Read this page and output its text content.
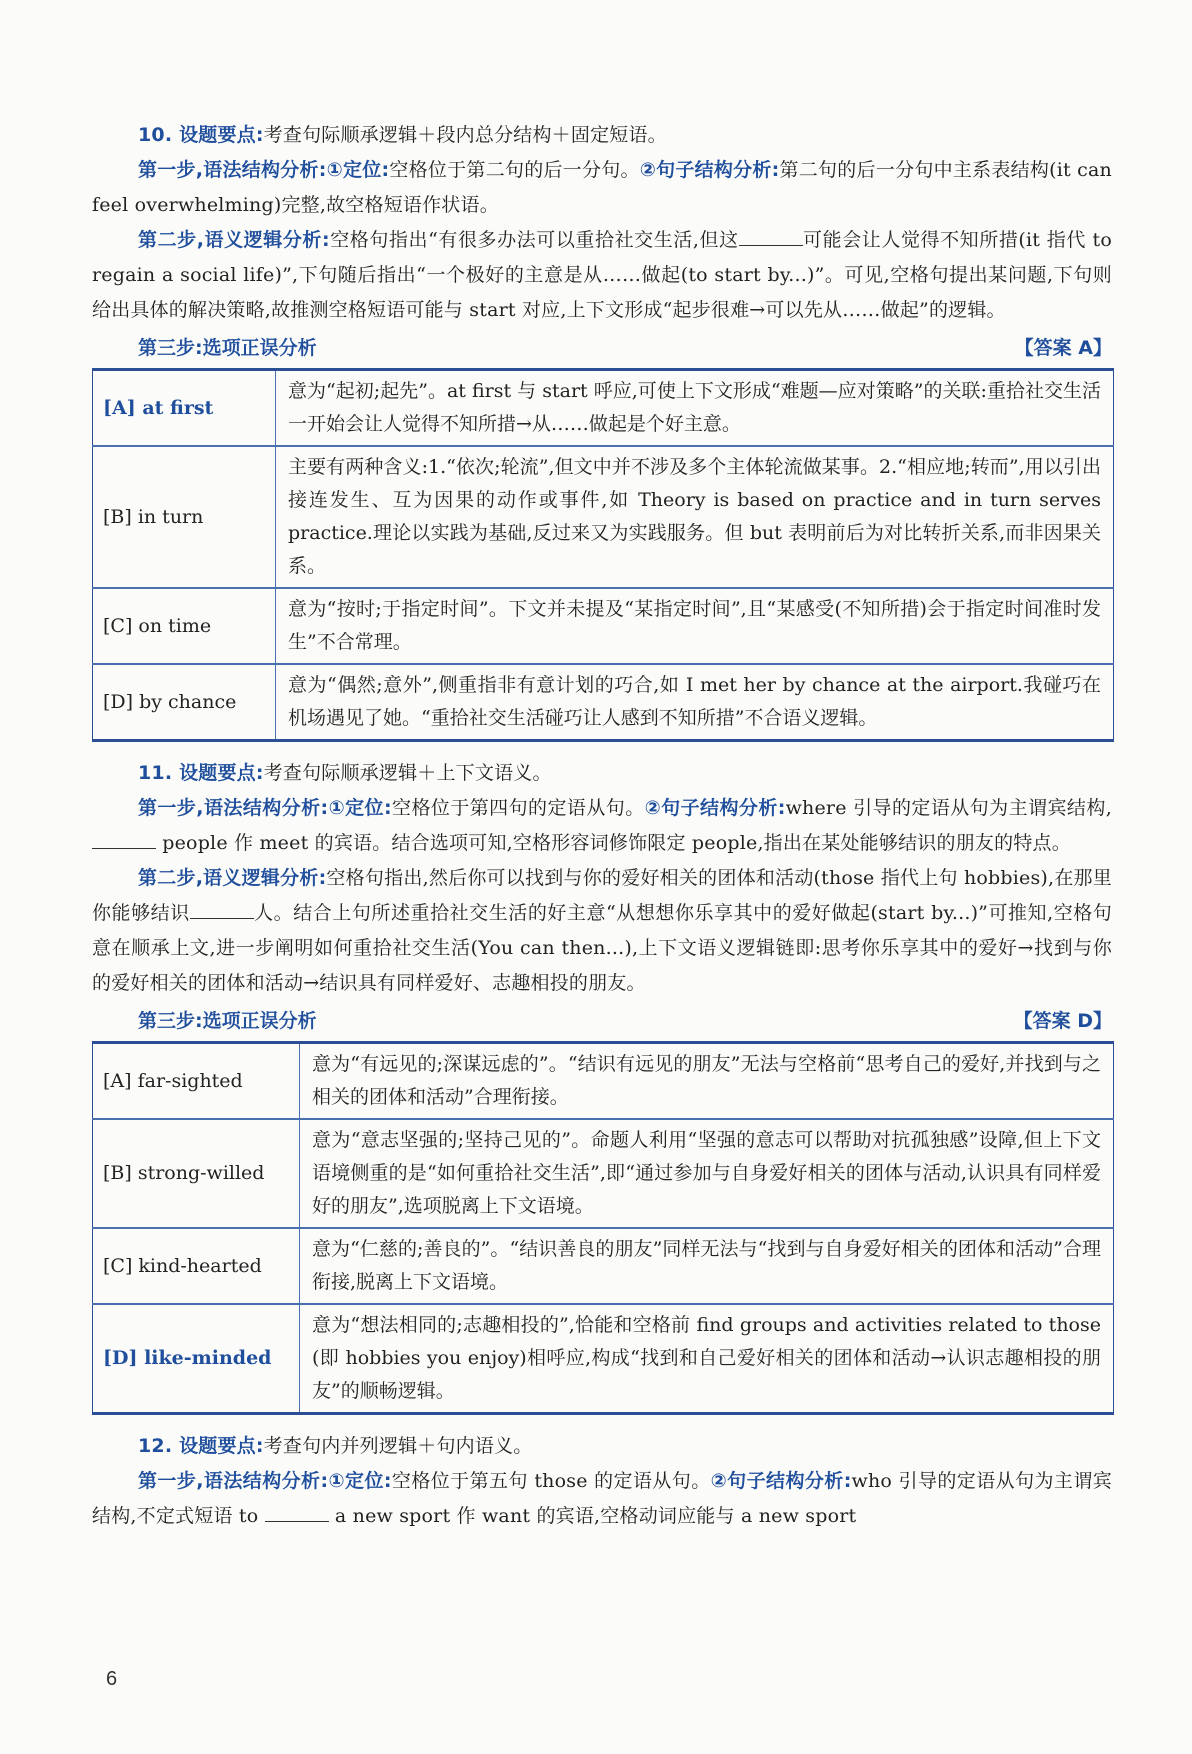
10. 设题要点:考查句际顺承逻辑＋段内总分结构＋固定短语。

第一步,语法结构分析:①定位:空格位于第二句的后一分句。②句子结构分析:第二句的后一分句中主系表结构(it can feel overwhelming)完整,故空格短语作状语。

第二步,语义逻辑分析:空格句指出“有很多办法可以重拾社交生活,但这	可能会让人觉得不知所措(it 指代 to regain a social life)”,下句随后指出“一个极好的主意是从……做起(to start by...)”。可见,空格句提出某问题,下句则给出具体的解决策略,故推测空格短语可能与 start 对应,上下文形成“起步很难→可以先从……做起”的逻辑。

第三步:选项正误分析	【答案 A】
[A] at first	意为“起初;起先”。at first 与 start 呼应,可使上下文形成“难题—应对策略”的关联:重拾社交生活一开始会让人觉得不知所措→从……做起是个好主意。
[B] in turn	主要有两种含义:1.“依次;轮流”,但文中并不涉及多个主体轮流做某事。2.“相应地;转而”,用以引出接连发生、互为因果的动作或事件,如 Theory is based on practice and in turn serves practice.理论以实践为基础,反过来又为实践服务。但 but 表明前后为对比转折关系,而非因果关系。
[C] on time	意为“按时;于指定时间”。下文并未提及“某指定时间”,且“某感受(不知所措)会于指定时间准时发生”不合常理。
[D] by chance	意为“偶然;意外”,侧重指非有意计划的巧合,如 I met her by chance at the airport.我碰巧在机场遇见了她。“重拾社交生活碰巧让人感到不知所措”不合语义逻辑。

11. 设题要点:考查句际顺承逻辑＋上下文语义。

第一步,语法结构分析:①定位:空格位于第四句的定语从句。②句子结构分析:where 引导的定语从句为主谓宾结构, people 作 meet 的宾语。结合选项可知,空格形容词修饰限定 people,指出在某处能够结识的朋友的特点。

第二步,语义逻辑分析:空格句指出,然后你可以找到与你的爱好相关的团体和活动(those 指代上句 hobbies),在那里你能够结识	人。结合上句所述重拾社交生活的好主意“从想想你乐享其中的爱好做起(start by...)”可推知,空格句意在顺承上文,进一步阐明如何重拾社交生活(You can then...),上下文语义逻辑链即:思考你乐享其中的爱好→找到与你的爱好相关的团体和活动→结识具有同样爱好、志趣相投的朋友。

第三步:选项正误分析	【答案 D】
[A] far-sighted	意为“有远见的;深谋远虑的”。“结识有远见的朋友”无法与空格前“思考自己的爱好,并找到与之相关的团体和活动”合理衔接。
[B] strong-willed	意为“意志坚强的;坚持己见的”。命题人利用“坚强的意志可以帮助对抗孤独感”设障,但上下文语境侧重的是“如何重拾社交生活”,即“通过参加与自身爱好相关的团体与活动,认识具有同样爱好的朋友”,选项脱离上下文语境。
[C] kind-hearted	意为“仁慈的;善良的”。“结识善良的朋友”同样无法与“找到与自身爱好相关的团体和活动”合理衔接,脱离上下文语境。
[D] like-minded	意为“想法相同的;志趣相投的”,恰能和空格前 find groups and activities related to those (即 hobbies you enjoy)相呼应,构成“找到和自己爱好相关的团体和活动→认识志趣相投的朋友”的顺畅逻辑。

12. 设题要点:考查句内并列逻辑＋句内语义。

第一步,语法结构分析:①定位:空格位于第五句 those 的定语从句。②句子结构分析:who 引导的定语从句为主谓宾结构,不定式短语 to	a new sport 作 want 的宾语,空格动词应能与 a new sport

6
